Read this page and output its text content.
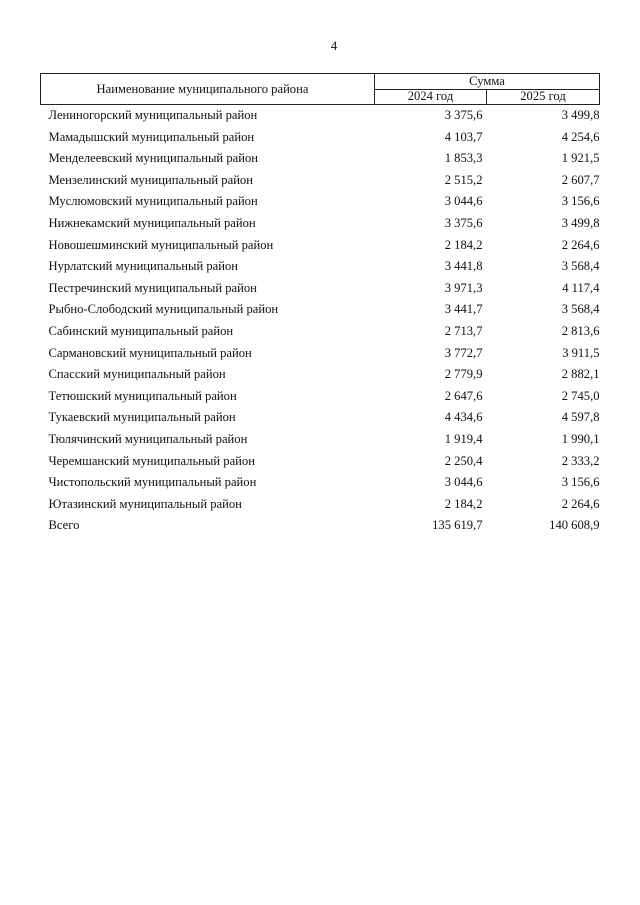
4
Наименование муниципального района	Сумма	
	2024 год	2025 год
Лениногорский муниципальный район	3 375,6	3 499,8
Мамадышский муниципальный район	4 103,7	4 254,6
Менделеевский муниципальный район	1 853,3	1 921,5
Мензелинский муниципальный район	2 515,2	2 607,7
Муслюмовский муниципальный район	3 044,6	3 156,6
Нижнекамский муниципальный район	3 375,6	3 499,8
Новошешминский муниципальный район	2 184,2	2 264,6
Нурлатский муниципальный район	3 441,8	3 568,4
Пестречинский муниципальный район	3 971,3	4 117,4
Рыбно-Слободский муниципальный район	3 441,7	3 568,4
Сабинский муниципальный район	2 713,7	2 813,6
Сармановский муниципальный район	3 772,7	3 911,5
Спасский муниципальный район	2 779,9	2 882,1
Тетюшский муниципальный район	2 647,6	2 745,0
Тукаевский муниципальный район	4 434,6	4 597,8
Тюлячинский муниципальный район	1 919,4	1 990,1
Черемшанский муниципальный район	2 250,4	2 333,2
Чистопольский муниципальный район	3 044,6	3 156,6
Ютазинский муниципальный район	2 184,2	2 264,6
Всего	135 619,7	140 608,9
